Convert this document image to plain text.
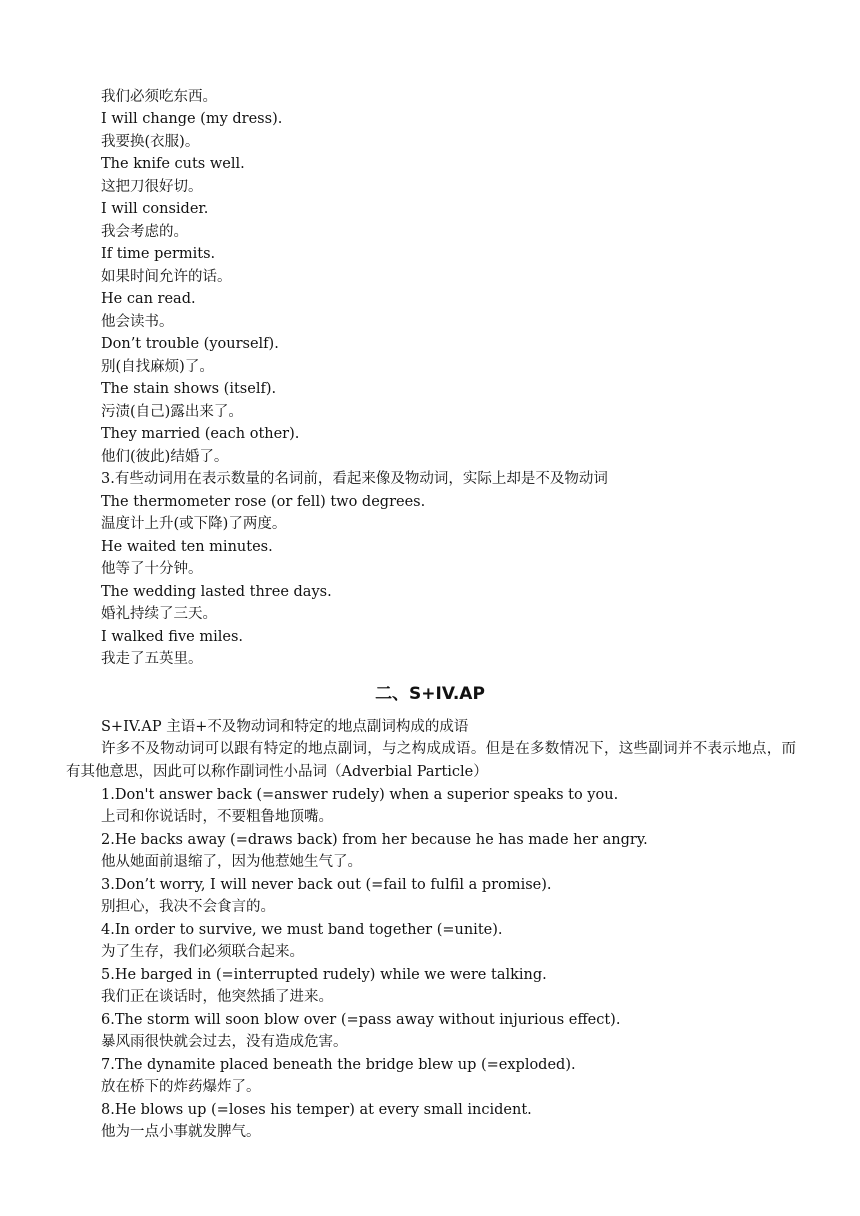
我们必须吃东西。
I will change (my dress).
我要换(衣服)。
The knife cuts well.
这把刀很好切。
I will consider.
我会考虑的。
If time permits.
如果时间允许的话。
He can read.
他会读书。
Don’t trouble (yourself).
别(自找麻烦)了。
The stain shows (itself).
污渍(自己)露出来了。
They married (each other).
他们(彼此)结婚了。
3.有些动词用在表示数量的名词前，看起来像及物动词，实际上却是不及物动词
The thermometer rose (or fell) two degrees.
温度计上升(或下降)了两度。
He waited ten minutes.
他等了十分钟。
The wedding lasted three days.
婚礼持续了三天。
I walked five miles.
我走了五英里。
二、S+IV.AP
S+IV.AP 主语+不及物动词和特定的地点副词构成的成语
许多不及物动词可以跟有特定的地点副词，与之构成成语。但是在多数情况下，这些副词并不表示地点，而有其他意思，因此可以称作副词性小品词（Adverbial Particle）
1.Don't answer back (=answer rudely) when a superior speaks to you.
上司和你说话时，不要粗鲁地顶嘴。
2.He backs away (=draws back) from her because he has made her angry.
他从她面前退缩了，因为他惹她生气了。
3.Don’t worry, I will never back out (=fail to fulfil a promise).
别担心，我决不会食言的。
4.In order to survive, we must band together (=unite).
为了生存，我们必须联合起来。
5.He barged in (=interrupted rudely) while we were talking.
我们正在谈话时，他突然插了进来。
6.The storm will soon blow over (=pass away without injurious effect).
暴风雨很快就会过去，没有造成危害。
7.The dynamite placed beneath the bridge blew up (=exploded).
放在桥下的炸药爆炸了。
8.He blows up (=loses his temper) at every small incident.
他为一点小事就发脾气。
